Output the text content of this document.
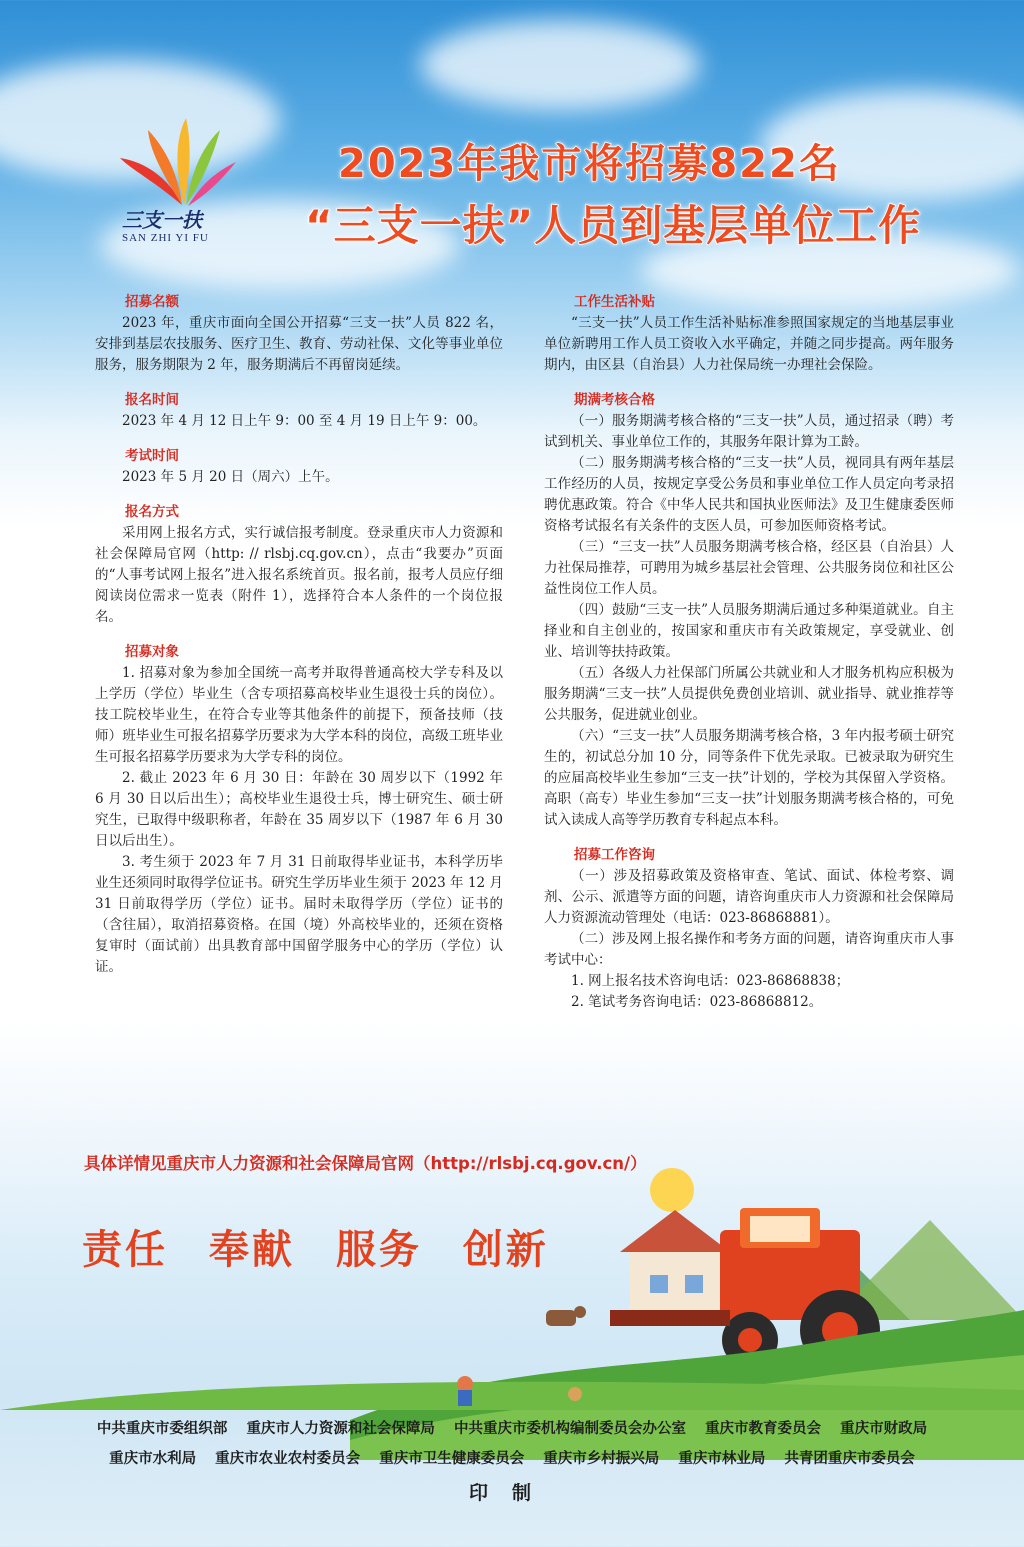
三支一扶
SAN ZHI YI FU
2023年我市将招募822名
“三支一扶”人员到基层单位工作
招募名额

2023 年，重庆市面向全国公开招募“三支一扶”人员 822 名，安排到基层农技服务、医疗卫生、教育、劳动社保、文化等事业单位服务，服务期限为 2 年，服务期满后不再留岗延续。

报名时间

2023 年 4 月 12 日上午 9：00 至 4 月 19 日上午 9：00。

考试时间

2023 年 5 月 20 日（周六）上午。

报名方式

采用网上报名方式，实行诚信报考制度。登录重庆市人力资源和社会保障局官网（http: // rlsbj.cq.gov.cn），点击“我要办”页面的“人事考试网上报名”进入报名系统首页。报名前，报考人员应仔细阅读岗位需求一览表（附件 1），选择符合本人条件的一个岗位报名。

招募对象

1. 招募对象为参加全国统一高考并取得普通高校大学专科及以上学历（学位）毕业生（含专项招募高校毕业生退役士兵的岗位）。技工院校毕业生，在符合专业等其他条件的前提下，预备技师（技师）班毕业生可报名招募学历要求为大学本科的岗位，高级工班毕业生可报名招募学历要求为大学专科的岗位。

2. 截止 2023 年 6 月 30 日：年龄在 30 周岁以下（1992 年 6 月 30 日以后出生）；高校毕业生退役士兵，博士研究生、硕士研究生，已取得中级职称者，年龄在 35 周岁以下（1987 年 6 月 30 日以后出生）。

3. 考生须于 2023 年 7 月 31 日前取得毕业证书，本科学历毕业生还须同时取得学位证书。研究生学历毕业生须于 2023 年 12 月 31 日前取得学历（学位）证书。届时未取得学历（学位）证书的（含往届），取消招募资格。在国（境）外高校毕业的，还须在资格复审时（面试前）出具教育部中国留学服务中心的学历（学位）认证。

工作生活补贴

“三支一扶”人员工作生活补贴标准参照国家规定的当地基层事业单位新聘用工作人员工资收入水平确定，并随之同步提高。两年服务期内，由区县（自治县）人力社保局统一办理社会保险。

期满考核合格

（一）服务期满考核合格的“三支一扶”人员，通过招录（聘）考试到机关、事业单位工作的，其服务年限计算为工龄。

（二）服务期满考核合格的“三支一扶”人员，视同具有两年基层工作经历的人员，按规定享受公务员和事业单位工作人员定向考录招聘优惠政策。符合《中华人民共和国执业医师法》及卫生健康委医师资格考试报名有关条件的支医人员，可参加医师资格考试。

（三）“三支一扶”人员服务期满考核合格，经区县（自治县）人力社保局推荐，可聘用为城乡基层社会管理、公共服务岗位和社区公益性岗位工作人员。

（四）鼓励“三支一扶”人员服务期满后通过多种渠道就业。自主择业和自主创业的，按国家和重庆市有关政策规定，享受就业、创业、培训等扶持政策。

（五）各级人力社保部门所属公共就业和人才服务机构应积极为服务期满“三支一扶”人员提供免费创业培训、就业指导、就业推荐等公共服务，促进就业创业。

（六）“三支一扶”人员服务期满考核合格，3 年内报考硕士研究生的，初试总分加 10 分，同等条件下优先录取。已被录取为研究生的应届高校毕业生参加“三支一扶”计划的，学校为其保留入学资格。高职（高专）毕业生参加“三支一扶”计划服务期满考核合格的，可免试入读成人高等学历教育专科起点本科。

招募工作咨询

（一）涉及招募政策及资格审查、笔试、面试、体检考察、调剂、公示、派遣等方面的问题，请咨询重庆市人力资源和社会保障局人力资源流动管理处（电话：023-86868881）。

（二）涉及网上报名操作和考务方面的问题，请咨询重庆市人事考试中心：

1. 网上报名技术咨询电话：023-86868838；

2. 笔试考务咨询电话：023-86868812。

具体详情见重庆市人力资源和社会保障局官网（http://rlsbj.cq.gov.cn/）
责任 奉献 服务 创新
中共重庆市委组织部 重庆市人力资源和社会保障局 中共重庆市委机构编制委员会办公室 重庆市教育委员会 重庆市财政局
重庆市水利局 重庆市农业农村委员会 重庆市卫生健康委员会 重庆市乡村振兴局 重庆市林业局 共青团重庆市委员会
印制
